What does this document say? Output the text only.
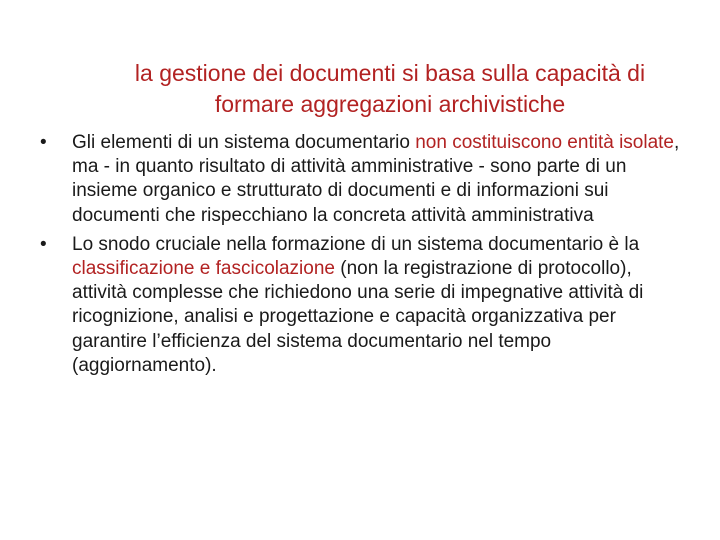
la gestione dei documenti si basa sulla capacità di
formare aggregazioni archivistiche
• Gli elementi di un sistema documentario non costituiscono entità isolate, ma - in quanto risultato di attività amministrative - sono parte di un insieme organico e strutturato di documenti e di informazioni sui documenti che rispecchiano la concreta attività amministrativa
• Lo snodo cruciale nella formazione di un sistema documentario è la classificazione e fascicolazione (non la registrazione di protocollo), attività complesse che richiedono una serie di impegnative attività di ricognizione, analisi e progettazione e capacità organizzativa per garantire l’efficienza del sistema documentario nel tempo (aggiornamento).
